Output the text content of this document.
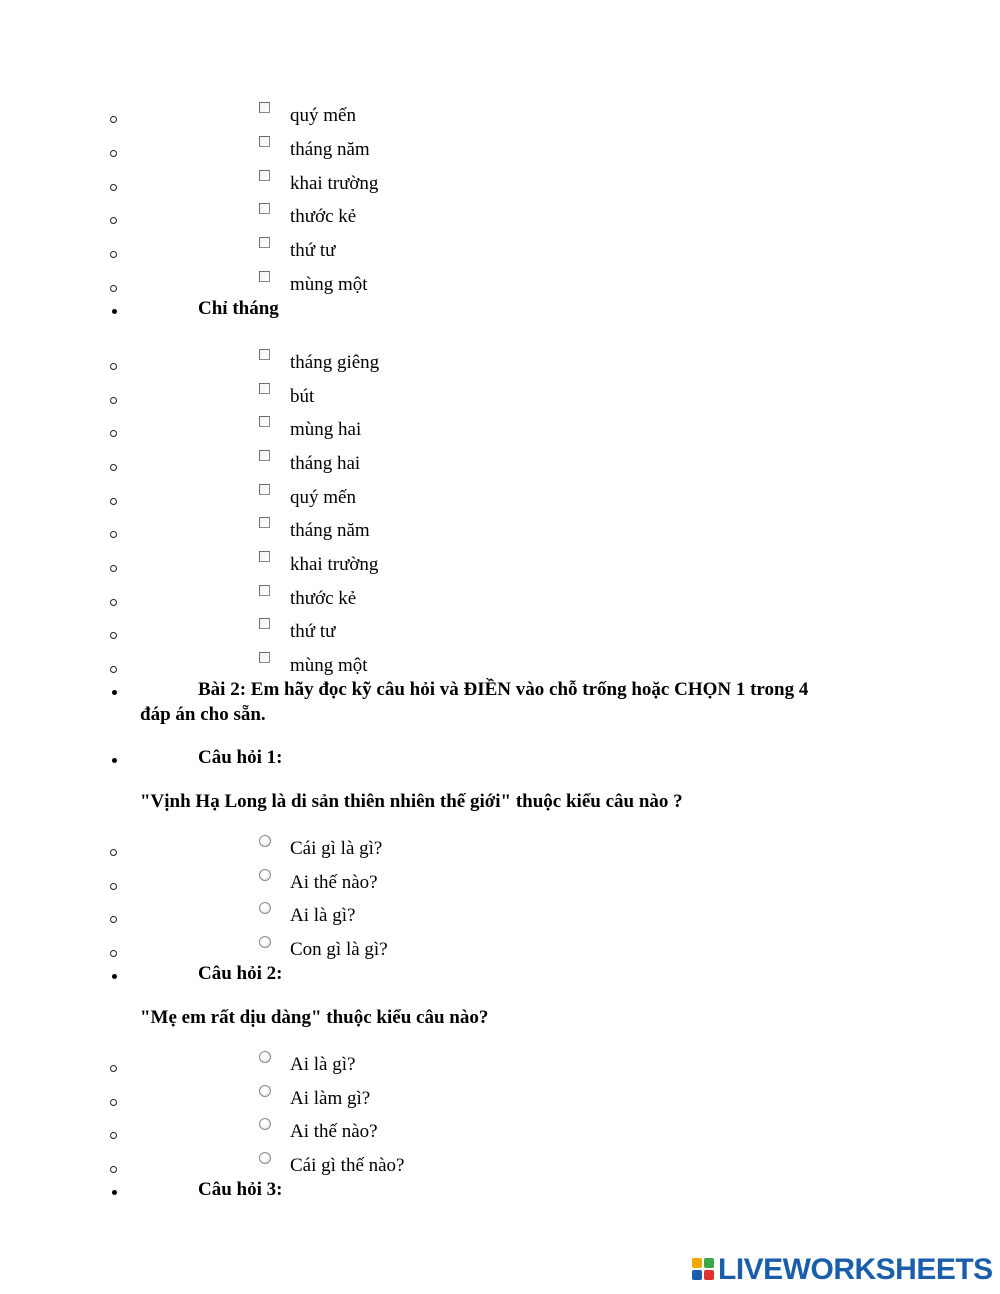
quý mến
tháng năm
khai trường
thước kẻ
thứ tư
mùng một
Chỉ tháng
tháng giêng
bút
mùng hai
tháng hai
quý mến
tháng năm
khai trường
thước kẻ
thứ tư
mùng một
Bài 2: Em hãy đọc kỹ câu hỏi và ĐIỀN vào chỗ trống hoặc CHỌN 1 trong 4
đáp án cho sẵn.
Câu hỏi 1:
"Vịnh Hạ Long là di sản thiên nhiên thế giới" thuộc kiểu câu nào ?
Cái gì là gì?
Ai thế nào?
Ai là gì?
Con gì là gì?
Câu hỏi 2:
"Mẹ em rất dịu dàng" thuộc kiểu câu nào?
Ai là gì?
Ai làm gì?
Ai thế nào?
Cái gì thế nào?
Câu hỏi 3:
LIVEWORKSHEETS
